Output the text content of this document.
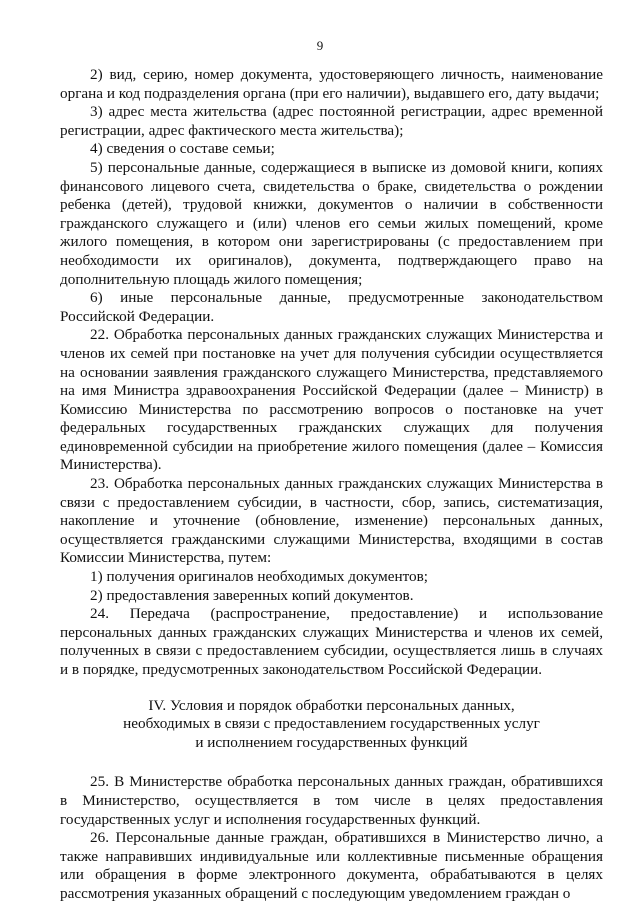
9

2) вид, серию, номер документа, удостоверяющего личность, наименование органа и код подразделения органа (при его наличии), выдавшего его, дату выдачи;

3) адрес места жительства (адрес постоянной регистрации, адрес временной регистрации, адрес фактического места жительства);

4) сведения о составе семьи;

5) персональные данные, содержащиеся в выписке из домовой книги, копиях финансового лицевого счета, свидетельства о браке, свидетельства о рождении ребенка (детей), трудовой книжки, документов о наличии в собственности гражданского служащего и (или) членов его семьи жилых помещений, кроме жилого помещения, в котором они зарегистрированы (с предоставлением при необходимости их оригиналов), документа, подтверждающего право на дополнительную площадь жилого помещения;

6) иные персональные данные, предусмотренные законодательством Российской Федерации.

22. Обработка персональных данных гражданских служащих Министерства и членов их семей при постановке на учет для получения субсидии осуществляется на основании заявления гражданского служащего Министерства, представляемого на имя Министра здравоохранения Российской Федерации (далее – Министр) в Комиссию Министерства по рассмотрению вопросов о постановке на учет федеральных государственных гражданских служащих для получения единовременной субсидии на приобретение жилого помещения (далее – Комиссия Министерства).

23. Обработка персональных данных гражданских служащих Министерства в связи с предоставлением субсидии, в частности, сбор, запись, систематизация, накопление и уточнение (обновление, изменение) персональных данных, осуществляется гражданскими служащими Министерства, входящими в состав Комиссии Министерства, путем:

1) получения оригиналов необходимых документов;

2) предоставления заверенных копий документов.

24. Передача (распространение, предоставление) и использование персональных данных гражданских служащих Министерства и членов их семей, полученных в связи с предоставлением субсидии, осуществляется лишь в случаях и в порядке, предусмотренных законодательством Российской Федерации.

IV. Условия и порядок обработки персональных данных,
необходимых в связи с предоставлением государственных услуг
и исполнением государственных функций

25. В Министерстве обработка персональных данных граждан, обратившихся в Министерство, осуществляется в том числе в целях предоставления государственных услуг и исполнения государственных функций.

26. Персональные данные граждан, обратившихся в Министерство лично, а также направивших индивидуальные или коллективные письменные обращения или обращения в форме электронного документа, обрабатываются в целях рассмотрения указанных обращений с последующим уведомлением граждан о
